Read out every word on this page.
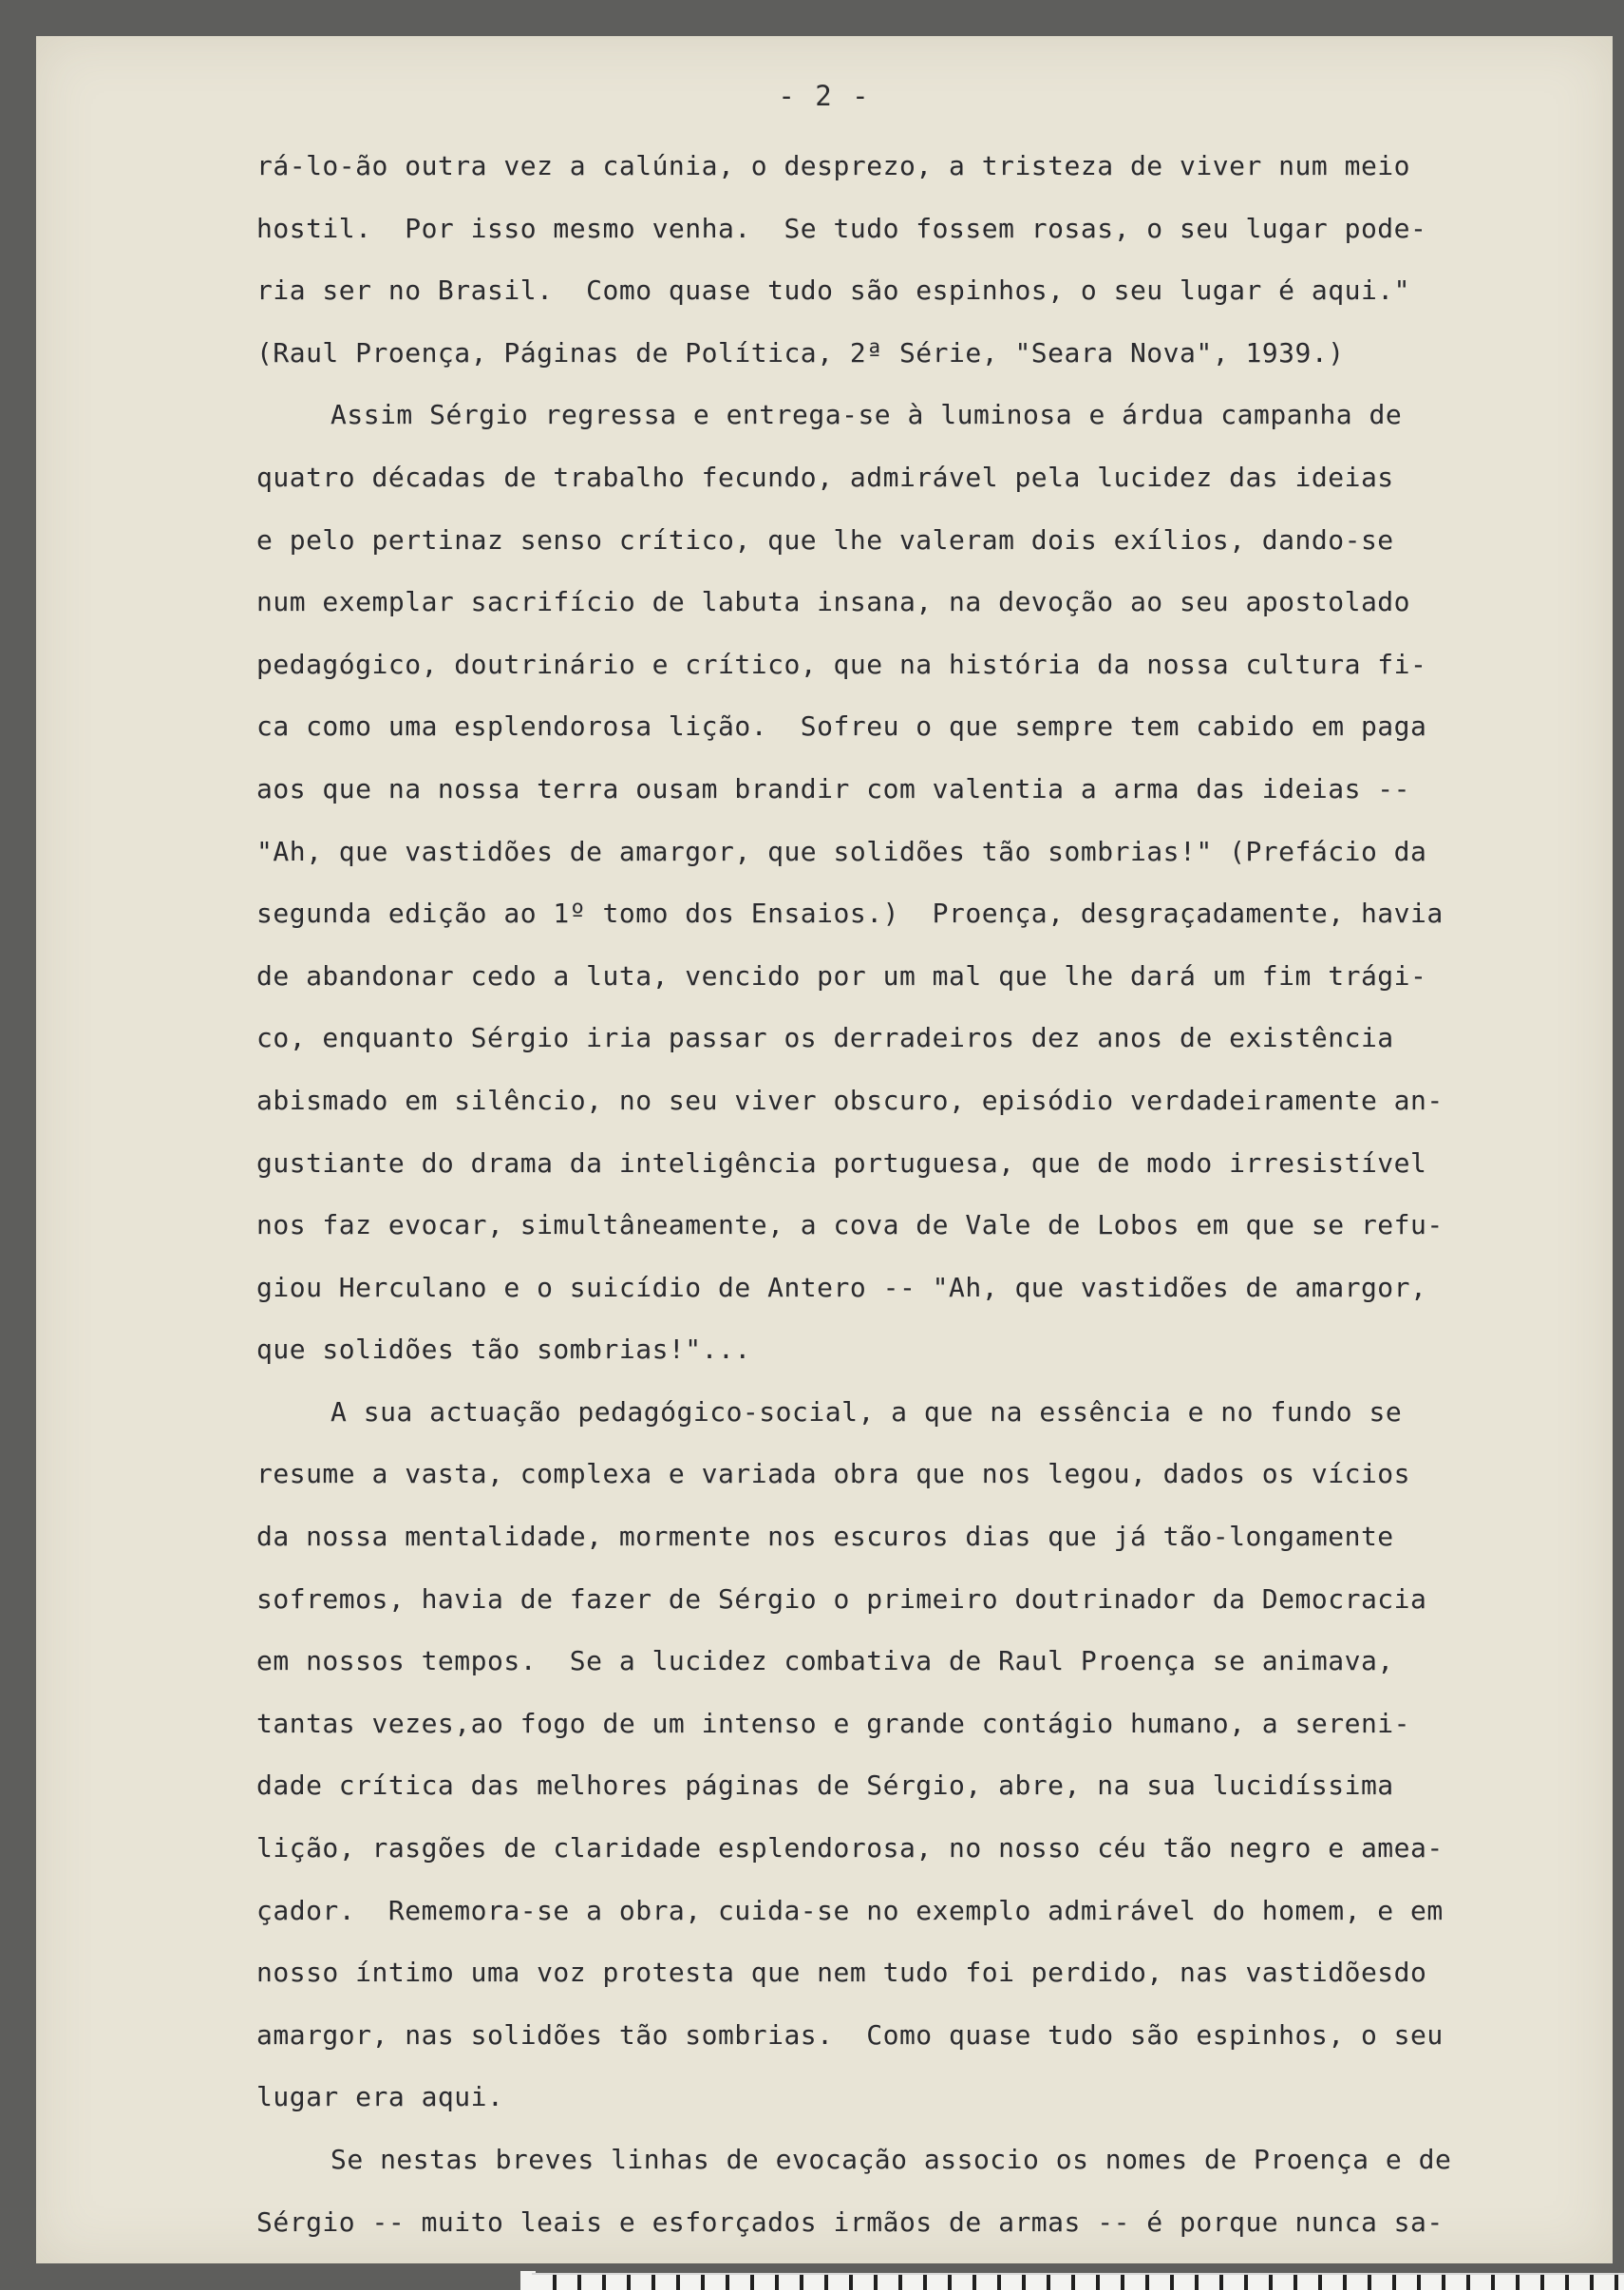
- 2 -
rá-lo-ão outra vez a calúnia, o desprezo, a tristeza de viver num meio
hostil.  Por isso mesmo venha.  Se tudo fossem rosas, o seu lugar pode-
ria ser no Brasil.  Como quase tudo são espinhos, o seu lugar é aqui."
(Raul Proença, Páginas de Política, 2ª Série, "Seara Nova", 1939.)
Assim Sérgio regressa e entrega-se à luminosa e árdua campanha de
quatro décadas de trabalho fecundo, admirável pela lucidez das ideias
e pelo pertinaz senso crítico, que lhe valeram dois exílios, dando-se
num exemplar sacrifício de labuta insana, na devoção ao seu apostolado
pedagógico, doutrinário e crítico, que na história da nossa cultura fi-
ca como uma esplendorosa lição.  Sofreu o que sempre tem cabido em paga
aos que na nossa terra ousam brandir com valentia a arma das ideias --
"Ah, que vastidões de amargor, que solidões tão sombrias!" (Prefácio da
segunda edição ao 1º tomo dos Ensaios.)  Proença, desgraçadamente, havia
de abandonar cedo a luta, vencido por um mal que lhe dará um fim trági-
co, enquanto Sérgio iria passar os derradeiros dez anos de existência
abismado em silêncio, no seu viver obscuro, episódio verdadeiramente an-
gustiante do drama da inteligência portuguesa, que de modo irresistível
nos faz evocar, simultâneamente, a cova de Vale de Lobos em que se refu-
giou Herculano e o suicídio de Antero -- "Ah, que vastidões de amargor,
que solidões tão sombrias!"...
A sua actuação pedagógico-social, a que na essência e no fundo se
resume a vasta, complexa e variada obra que nos legou, dados os vícios
da nossa mentalidade, mormente nos escuros dias que já tão-longamente
sofremos, havia de fazer de Sérgio o primeiro doutrinador da Democracia
em nossos tempos.  Se a lucidez combativa de Raul Proença se animava,
tantas vezes,ao fogo de um intenso e grande contágio humano, a sereni-
dade crítica das melhores páginas de Sérgio, abre, na sua lucidíssima
lição, rasgões de claridade esplendorosa, no nosso céu tão negro e amea-
çador.  Rememora-se a obra, cuida-se no exemplo admirável do homem, e em
nosso íntimo uma voz protesta que nem tudo foi perdido, nas vastidõesdo
amargor, nas solidões tão sombrias.  Como quase tudo são espinhos, o seu
lugar era aqui.
Se nestas breves linhas de evocação associo os nomes de Proença e de
Sérgio -- muito leais e esforçados irmãos de armas -- é porque nunca sa-
